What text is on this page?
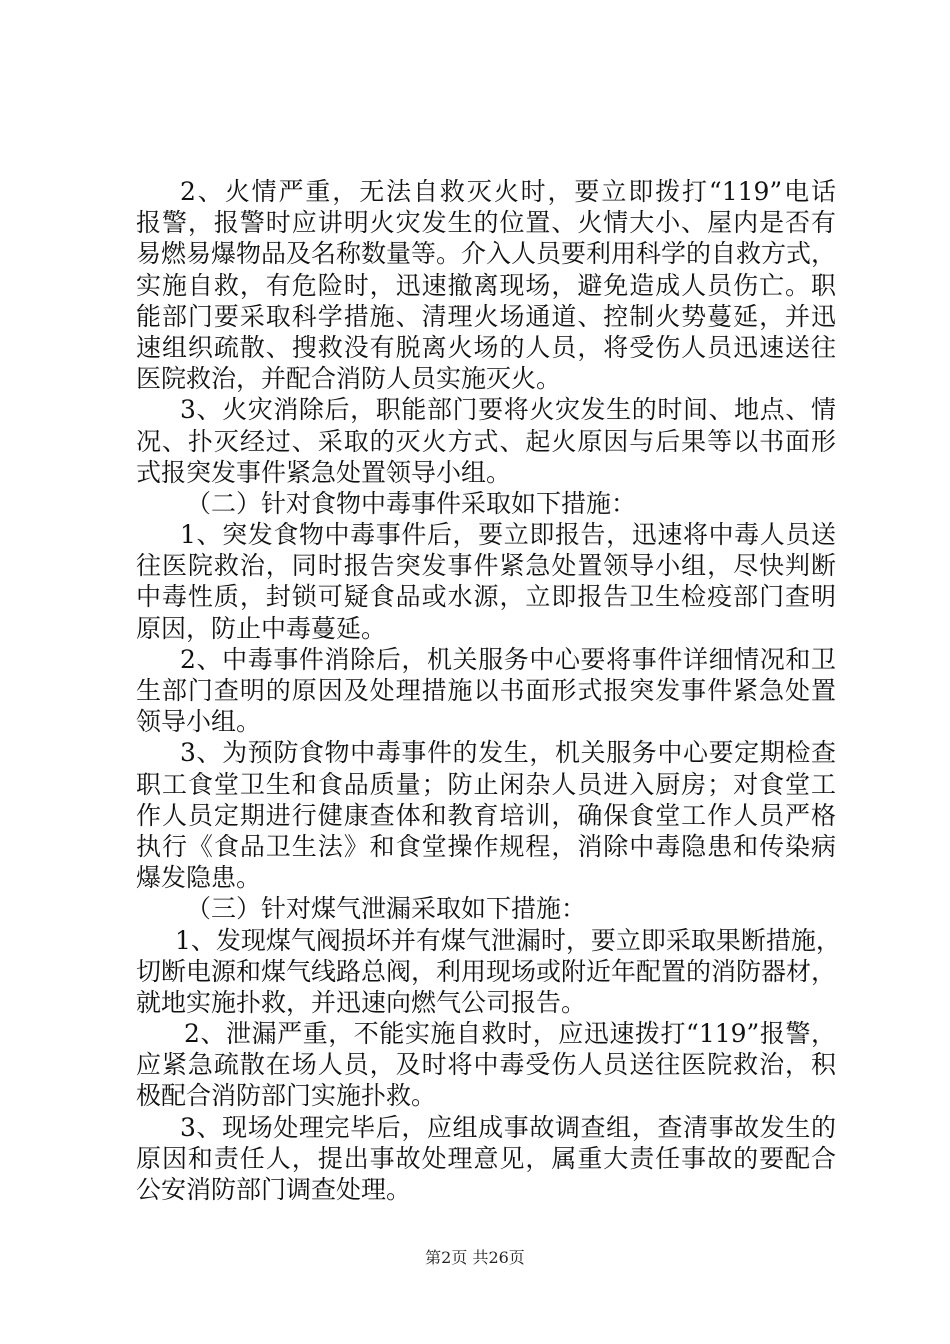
2、火情严重，无法自救灭火时，要立即拨打“119”电话
报警，报警时应讲明火灾发生的位置、火情大小、屋内是否有
易燃易爆物品及名称数量等。介入人员要利用科学的自救方式，
实施自救，有危险时，迅速撤离现场，避免造成人员伤亡。职
能部门要采取科学措施、清理火场通道、控制火势蔓延，并迅
速组织疏散、搜救没有脱离火场的人员，将受伤人员迅速送往
医院救治，并配合消防人员实施灭火。
3、火灾消除后，职能部门要将火灾发生的时间、地点、情
况、扑灭经过、采取的灭火方式、起火原因与后果等以书面形
式报突发事件紧急处置领导小组。
（二）针对食物中毒事件采取如下措施：
1、突发食物中毒事件后，要立即报告，迅速将中毒人员送
往医院救治，同时报告突发事件紧急处置领导小组，尽快判断
中毒性质，封锁可疑食品或水源，立即报告卫生检疫部门查明
原因，防止中毒蔓延。
2、中毒事件消除后，机关服务中心要将事件详细情况和卫
生部门查明的原因及处理措施以书面形式报突发事件紧急处置
领导小组。
3、为预防食物中毒事件的发生，机关服务中心要定期检查
职工食堂卫生和食品质量；防止闲杂人员进入厨房；对食堂工
作人员定期进行健康查体和教育培训，确保食堂工作人员严格
执行《食品卫生法》和食堂操作规程，消除中毒隐患和传染病
爆发隐患。
（三）针对煤气泄漏采取如下措施：
1、发现煤气阀损坏并有煤气泄漏时，要立即采取果断措施，
切断电源和煤气线路总阀，利用现场或附近年配置的消防器材，
就地实施扑救，并迅速向燃气公司报告。
2、泄漏严重，不能实施自救时，应迅速拨打“119”报警，
应紧急疏散在场人员，及时将中毒受伤人员送往医院救治，积
极配合消防部门实施扑救。
3、现场处理完毕后，应组成事故调查组，查清事故发生的
原因和责任人，提出事故处理意见，属重大责任事故的要配合
公安消防部门调查处理。
第2页 共26页
